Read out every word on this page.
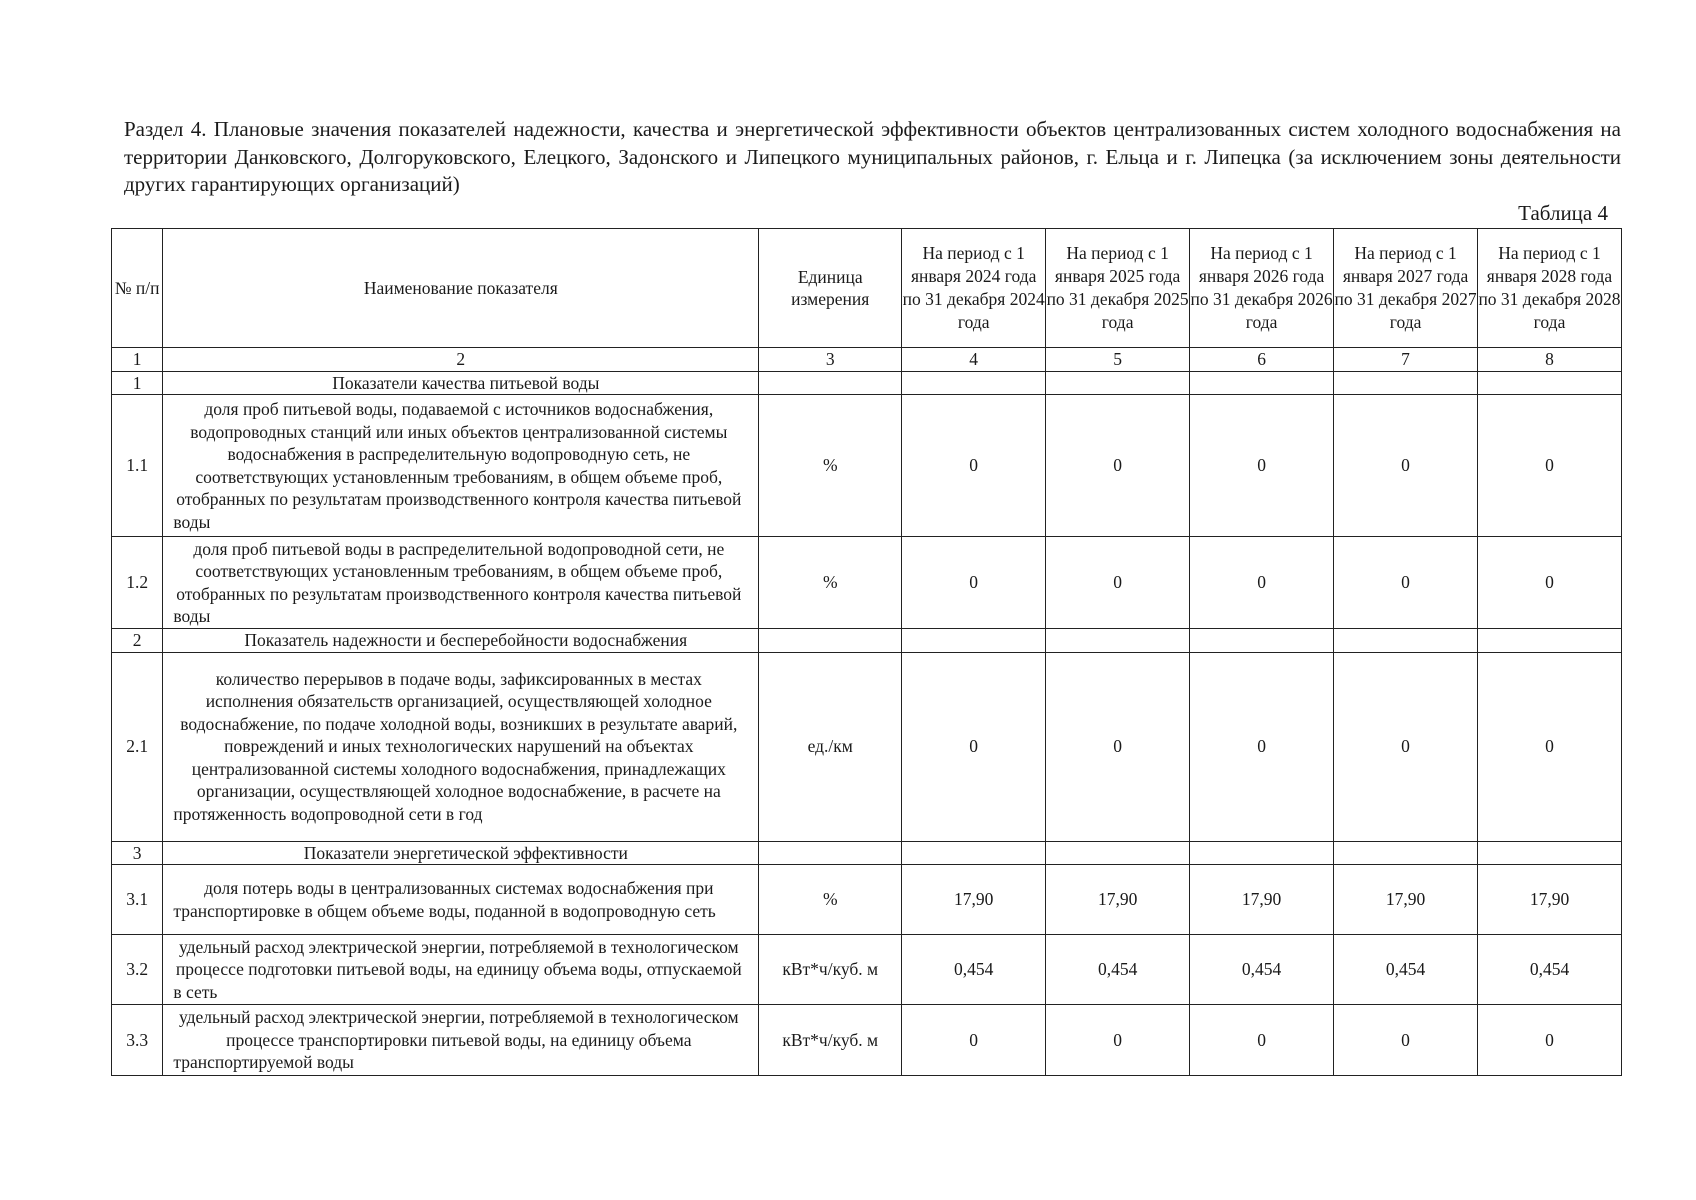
Раздел 4. Плановые значения показателей надежности, качества и энергетической эффективности объектов централизованных систем холодного водоснабжения на территории Данковского, Долгоруковского, Елецкого, Задонского и Липецкого муниципальных районов, г. Ельца и г. Липецка (за исключением зоны деятельности других гарантирующих организаций)
Таблица 4
№ п/п	Наименование показателя	Единица измерения	На период с 1 января 2024 года по 31 декабря 2024 года	На период с 1 января 2025 года по 31 декабря 2025 года	На период с 1 января 2026 года по 31 декабря 2026 года	На период с 1 января 2027 года по 31 декабря 2027 года	На период с 1 января 2028 года по 31 декабря 2028 года

1	2	3	4	5	6	7	8
1	Показатели качества питьевой воды						
1.1	доля проб питьевой воды, подаваемой с источников водоснабжения, водопроводных станций или иных объектов централизованной системы водоснабжения в распределительную водопроводную сеть, не соответствующих установленным требованиям, в общем объеме проб, отобранных по результатам производственного контроля качества питьевой воды	%	0	0	0	0	0
1.2	доля проб питьевой воды в распределительной водопроводной сети, не соответствующих установленным требованиям, в общем объеме проб, отобранных по результатам производственного контроля качества питьевой воды	%	0	0	0	0	0
2	Показатель надежности и бесперебойности водоснабжения						
2.1	количество перерывов в подаче воды, зафиксированных в местах исполнения обязательств организацией, осуществляющей холодное водоснабжение, по подаче холодной воды, возникших в результате аварий, повреждений и иных технологических нарушений на объектах централизованной системы холодного водоснабжения, принадлежащих организации, осуществляющей холодное водоснабжение, в расчете на протяженность водопроводной сети в год	ед./км	0	0	0	0	0
3	Показатели энергетической эффективности						
3.1	доля потерь воды в централизованных системах водоснабжения при транспортировке в общем объеме воды, поданной в водопроводную сеть	%	17,90	17,90	17,90	17,90	17,90
3.2	удельный расход электрической энергии, потребляемой в технологическом процессе подготовки питьевой воды, на единицу объема воды, отпускаемой в сеть	кВт*ч/куб. м	0,454	0,454	0,454	0,454	0,454
3.3	удельный расход электрической энергии, потребляемой в технологическом процессе транспортировки питьевой воды, на единицу объема транспортируемой воды	кВт*ч/куб. м	0	0	0	0	0
